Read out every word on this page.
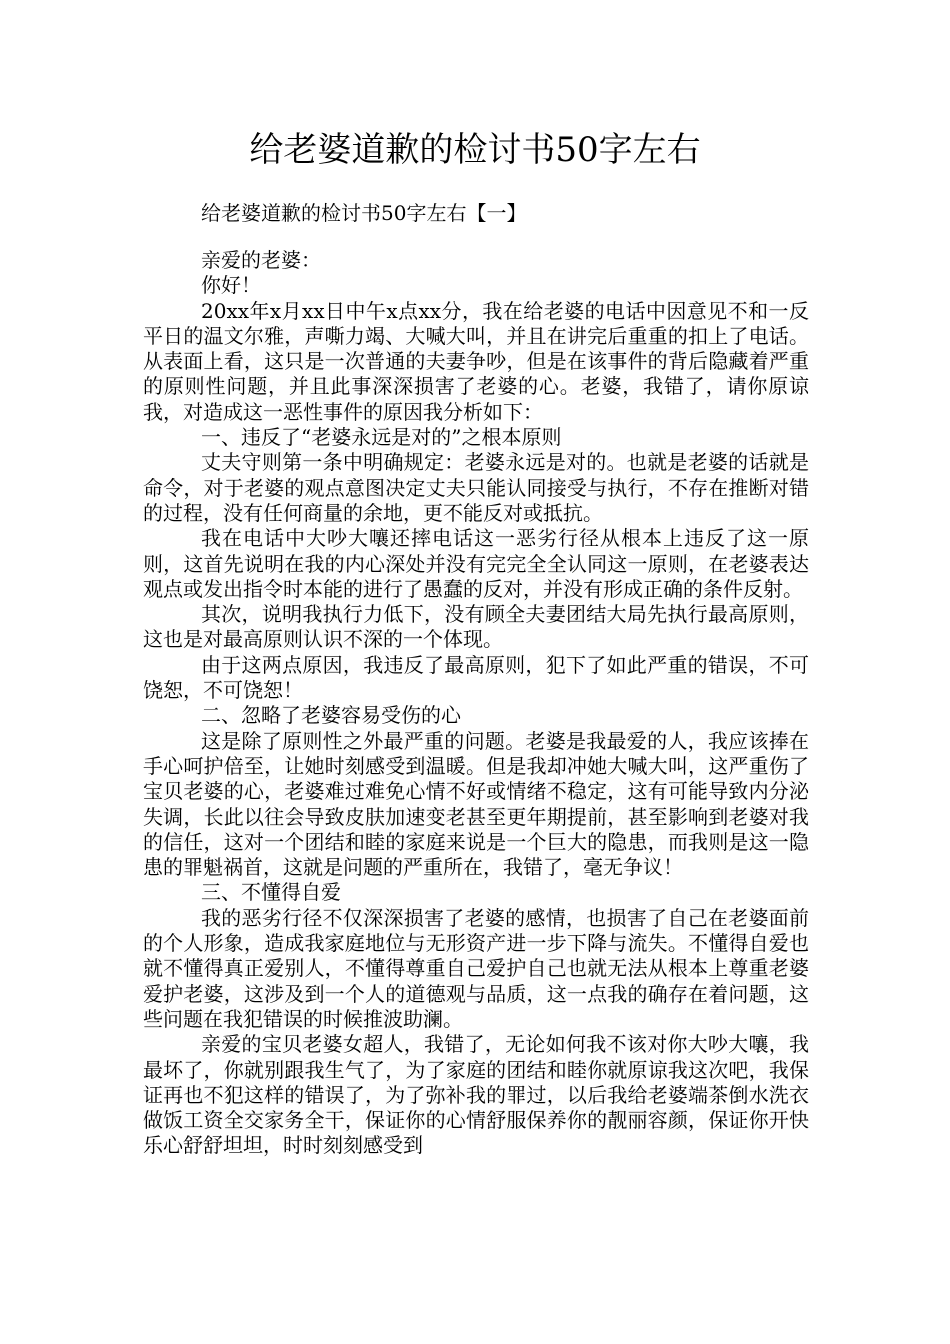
给老婆道歉的检讨书50字左右
给老婆道歉的检讨书50字左右【一】

亲爱的老婆：

你好！

20xx年x月xx日中午x点xx分，我在给老婆的电话中因意见不和一反平日的温文尔雅，声嘶力竭、大喊大叫，并且在讲完后重重的扣上了电话。从表面上看，这只是一次普通的夫妻争吵，但是在该事件的背后隐藏着严重的原则性问题，并且此事深深损害了老婆的心。老婆，我错了，请你原谅我，对造成这一恶性事件的原因我分析如下：

一、违反了“老婆永远是对的”之根本原则

丈夫守则第一条中明确规定：老婆永远是对的。也就是老婆的话就是命令，对于老婆的观点意图决定丈夫只能认同接受与执行，不存在推断对错的过程，没有任何商量的余地，更不能反对或抵抗。

我在电话中大吵大嚷还摔电话这一恶劣行径从根本上违反了这一原则，这首先说明在我的内心深处并没有完完全全认同这一原则，在老婆表达观点或发出指令时本能的进行了愚蠢的反对，并没有形成正确的条件反射。

其次，说明我执行力低下，没有顾全夫妻团结大局先执行最高原则，这也是对最高原则认识不深的一个体现。

由于这两点原因，我违反了最高原则，犯下了如此严重的错误，不可饶恕，不可饶恕！

二、忽略了老婆容易受伤的心

这是除了原则性之外最严重的问题。老婆是我最爱的人，我应该捧在手心呵护倍至，让她时刻感受到温暖。但是我却冲她大喊大叫，这严重伤了宝贝老婆的心，老婆难过难免心情不好或情绪不稳定，这有可能导致内分泌失调，长此以往会导致皮肤加速变老甚至更年期提前，甚至影响到老婆对我的信任，这对一个团结和睦的家庭来说是一个巨大的隐患，而我则是这一隐患的罪魁祸首，这就是问题的严重所在，我错了，毫无争议！

三、不懂得自爱

我的恶劣行径不仅深深损害了老婆的感情，也损害了自己在老婆面前的个人形象，造成我家庭地位与无形资产进一步下降与流失。不懂得自爱也就不懂得真正爱别人，不懂得尊重自己爱护自己也就无法从根本上尊重老婆爱护老婆，这涉及到一个人的道德观与品质，这一点我的确存在着问题，这些问题在我犯错误的时候推波助澜。

亲爱的宝贝老婆女超人，我错了，无论如何我不该对你大吵大嚷，我最坏了，你就别跟我生气了，为了家庭的团结和睦你就原谅我这次吧，我保证再也不犯这样的错误了，为了弥补我的罪过，以后我给老婆端茶倒水洗衣做饭工资全交家务全干，保证你的心情舒服保养你的靓丽容颜，保证你开快乐心舒舒坦坦，时时刻刻感受到
